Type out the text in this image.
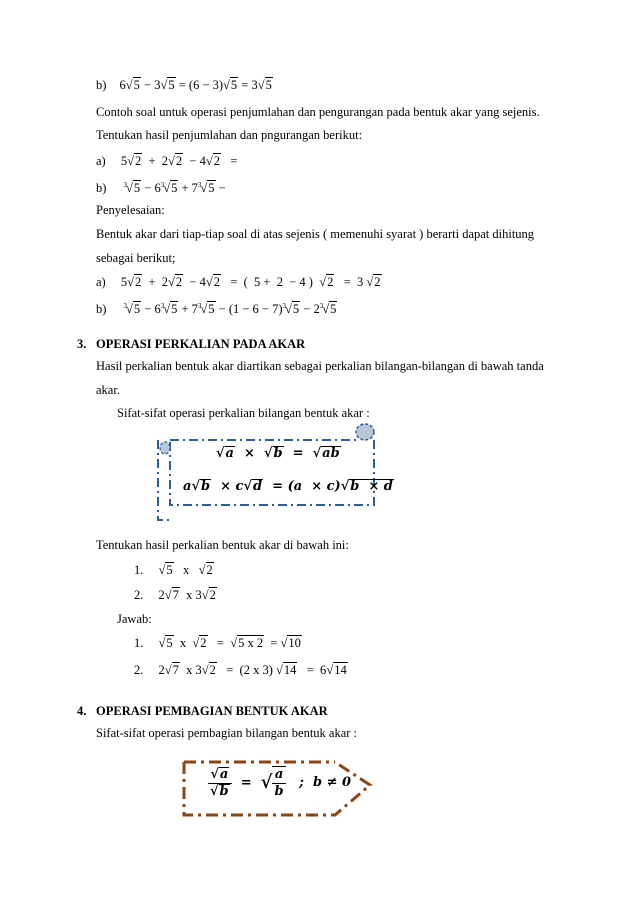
b) 6√5 − 3√5 = (6 − 3)√5 = 3√5
Contoh soal untuk operasi penjumlahan dan pengurangan pada bentuk akar yang sejenis.
Tentukan hasil penjumlahan dan pngurangan berikut:
a) 5√2  +  2√2  − 4√2   =
b) $^3√5 - 6^3√5 + 7^3√5$ −
Penyelesaian:
Bentuk akar dari tiap-tiap soal di atas sejenis ( memenuhi syarat ) berarti dapat dihitung
sebagai berikut;
a) 5√2  +  2√2  − 4√2   =  (  5 +  2  − 4 )  √2   =  3 √2
b) $^3√5 - 6^3√5 + 7^3√5 - (1 - 6 - 7)^3√5 - 2^3√5$
3. OPERASI PERKALIAN PADA AKAR
Hasil perkalian bentuk akar diartikan sebagai perkalian bilangan-bilangan di bawah tanda
akar.
Sifat-sifat operasi perkalian bilangan bentuk akar :
√a  ×  √b  =  √ab
a√b  × c√d  = (a  × c)√b  × d
Tentukan hasil perkalian bentuk akar di bawah ini:
1. √5   x   √2
2. 2√7  x 3√2
Jawab:
1. √5  x  √2   =  √5 x 2  = √10
2. 2√7  x 3√2   =  (2 x 3) √14   =  6√14
4. OPERASI PEMBAGIAN BENTUK AKAR
Sifat-sifat operasi pembagian bilangan bentuk akar :
$\frac{√a}{√b}$ =  √ $\frac{a}{b}$ ;  b ≠ 0
